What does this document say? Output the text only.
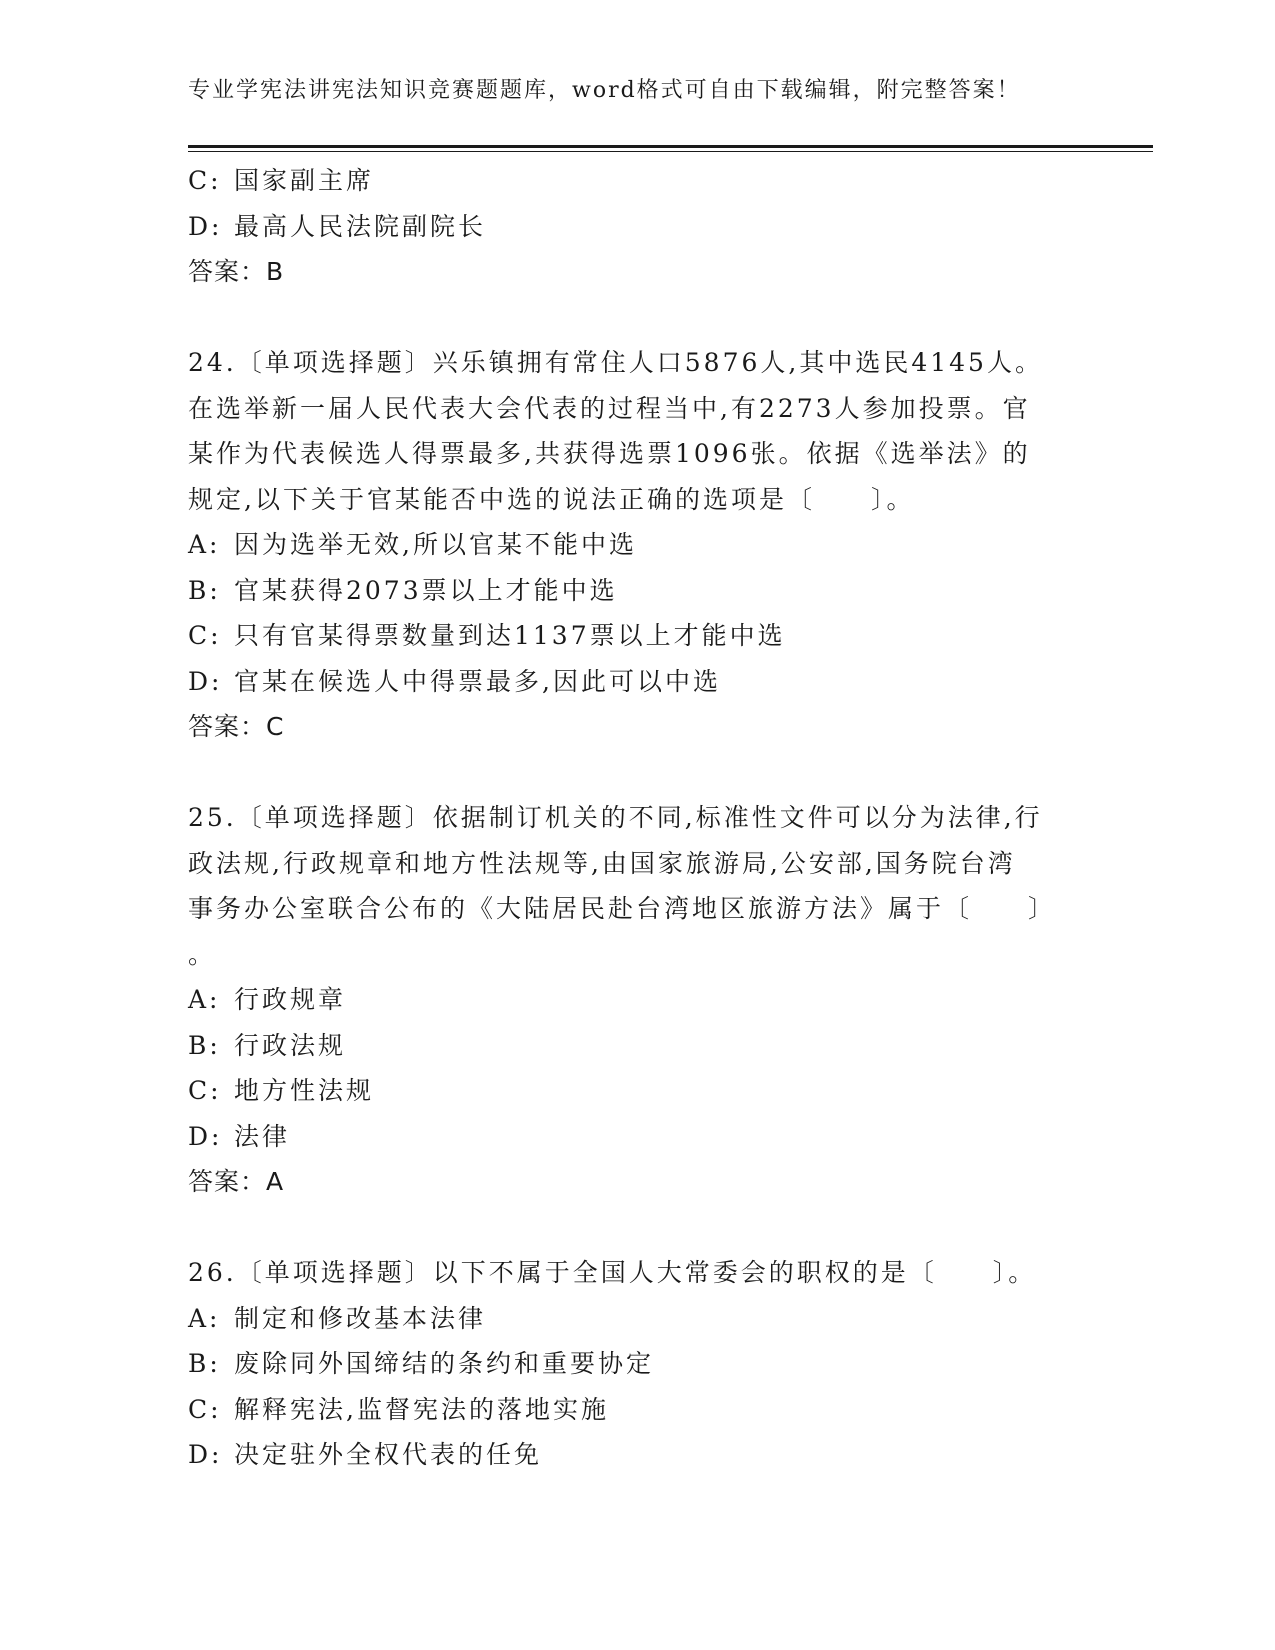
专业学宪法讲宪法知识竞赛题题库，word格式可自由下载编辑，附完整答案！
C: 国家副主席
D: 最高人民法院副院长
答案：B
24.〔单项选择题〕兴乐镇拥有常住人口5876人,其中选民4145人。
在选举新一届人民代表大会代表的过程当中,有2273人参加投票。官
某作为代表候选人得票最多,共获得选票1096张。依据《选举法》的
规定,以下关于官某能否中选的说法正确的选项是〔　　〕。
A: 因为选举无效,所以官某不能中选
B: 官某获得2073票以上才能中选
C: 只有官某得票数量到达1137票以上才能中选
D: 官某在候选人中得票最多,因此可以中选
答案：C
25.〔单项选择题〕依据制订机关的不同,标准性文件可以分为法律,行
政法规,行政规章和地方性法规等,由国家旅游局,公安部,国务院台湾
事务办公室联合公布的《大陆居民赴台湾地区旅游方法》属于〔　　〕
。
A: 行政规章
B: 行政法规
C: 地方性法规
D: 法律
答案：A
26.〔单项选择题〕以下不属于全国人大常委会的职权的是〔　　〕。
A: 制定和修改基本法律
B: 废除同外国缔结的条约和重要协定
C: 解释宪法,监督宪法的落地实施
D: 决定驻外全权代表的任免
